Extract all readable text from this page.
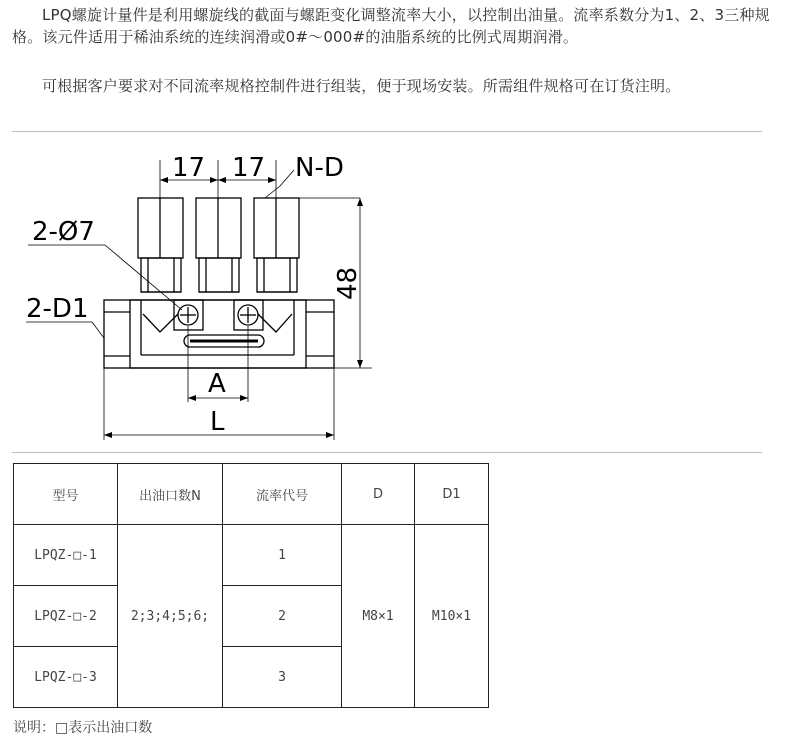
LPQ螺旋计量件是利用螺旋线的截面与螺距变化调整流率大小，以控制出油量。流率系数分为1、2、3三种规格。该元件适用于稀油系统的连续润滑或0#～000#的油脂系统的比例式周期润滑。

可根据客户要求对不同流率规格控制件进行组装，便于现场安装。所需组件规格可在订货注明。

17 17 N-D
2-Ø7
2-D1
48
A
L
型号	出油口数N	流率代号	D	D1
LPQZ-□-1	2;3;4;5;6;	1	M8×1	M10×1
LPQZ-□-2		2		
LPQZ-□-3		3		

说明：□表示出油口数
